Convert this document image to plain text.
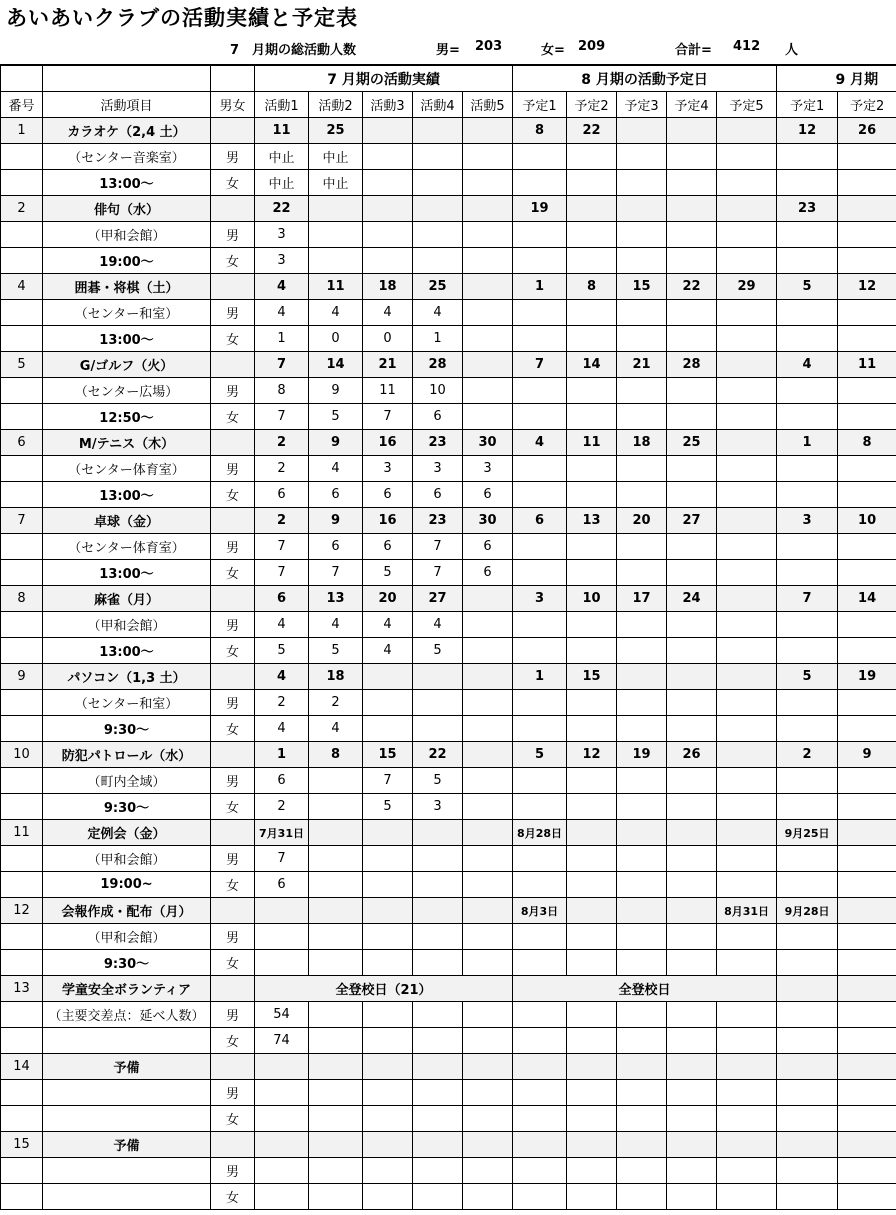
あいあいクラブの活動実績と予定表
7　月期の総活動人数	男= 203	女= 209	合計= 412 人
			7 月期の活動実績					8 月期の活動予定日					9 月期	
番号	活動項目	男女	活動1	活動2	活動3	活動4	活動5	予定1	予定2	予定3	予定4	予定5	予定1	予定2
1	カラオケ（2,4 土）		11	25				8	22				12	26
	（センター音楽室）	男	中止	中止										
	13:00～	女	中止	中止										
2	俳句（水）		22					19					23	
	（甲和会館）	男	3											
	19:00～	女	3											
4	囲碁・将棋（土）		4	11	18	25		1	8	15	22	29	5	12
	（センター和室）	男	4	4	4	4								
	13:00～	女	1	0	0	1								
5	G/ゴルフ（火）		7	14	21	28		7	14	21	28		4	11
	（センター広場）	男	8	9	11	10								
	12:50～	女	7	5	7	6								
6	M/テニス（木）		2	9	16	23	30	4	11	18	25		1	8
	（センター体育室）	男	2	4	3	3	3							
	13:00～	女	6	6	6	6	6							
7	卓球（金）		2	9	16	23	30	6	13	20	27		3	10
	（センター体育室）	男	7	6	6	7	6							
	13:00～	女	7	7	5	7	6							
8	麻雀（月）		6	13	20	27		3	10	17	24		7	14
	（甲和会館）	男	4	4	4	4								
	13:00～	女	5	5	4	5								
9	パソコン（1,3 土）		4	18				1	15				5	19
	（センター和室）	男	2	2										
	9:30～	女	4	4										
10	防犯パトロール（水）		1	8	15	22		5	12	19	26		2	9
	（町内全域）	男	6		7	5								
	9:30～	女	2		5	3								
11	定例会（金）		7月31日					8月28日					9月25日	
	（甲和会館）	男	7											
	19:00~	女	6											
12	会報作成・配布（月）							8月3日				8月31日	9月28日	
	（甲和会館）	男												
	9:30～	女												
13	学童安全ボランティア		全登校日（21）					全登校日						
	（主要交差点：延べ人数）	男	54											
		女	74											
14	予備													
		男												
		女												
15	予備													
		男												
		女												
